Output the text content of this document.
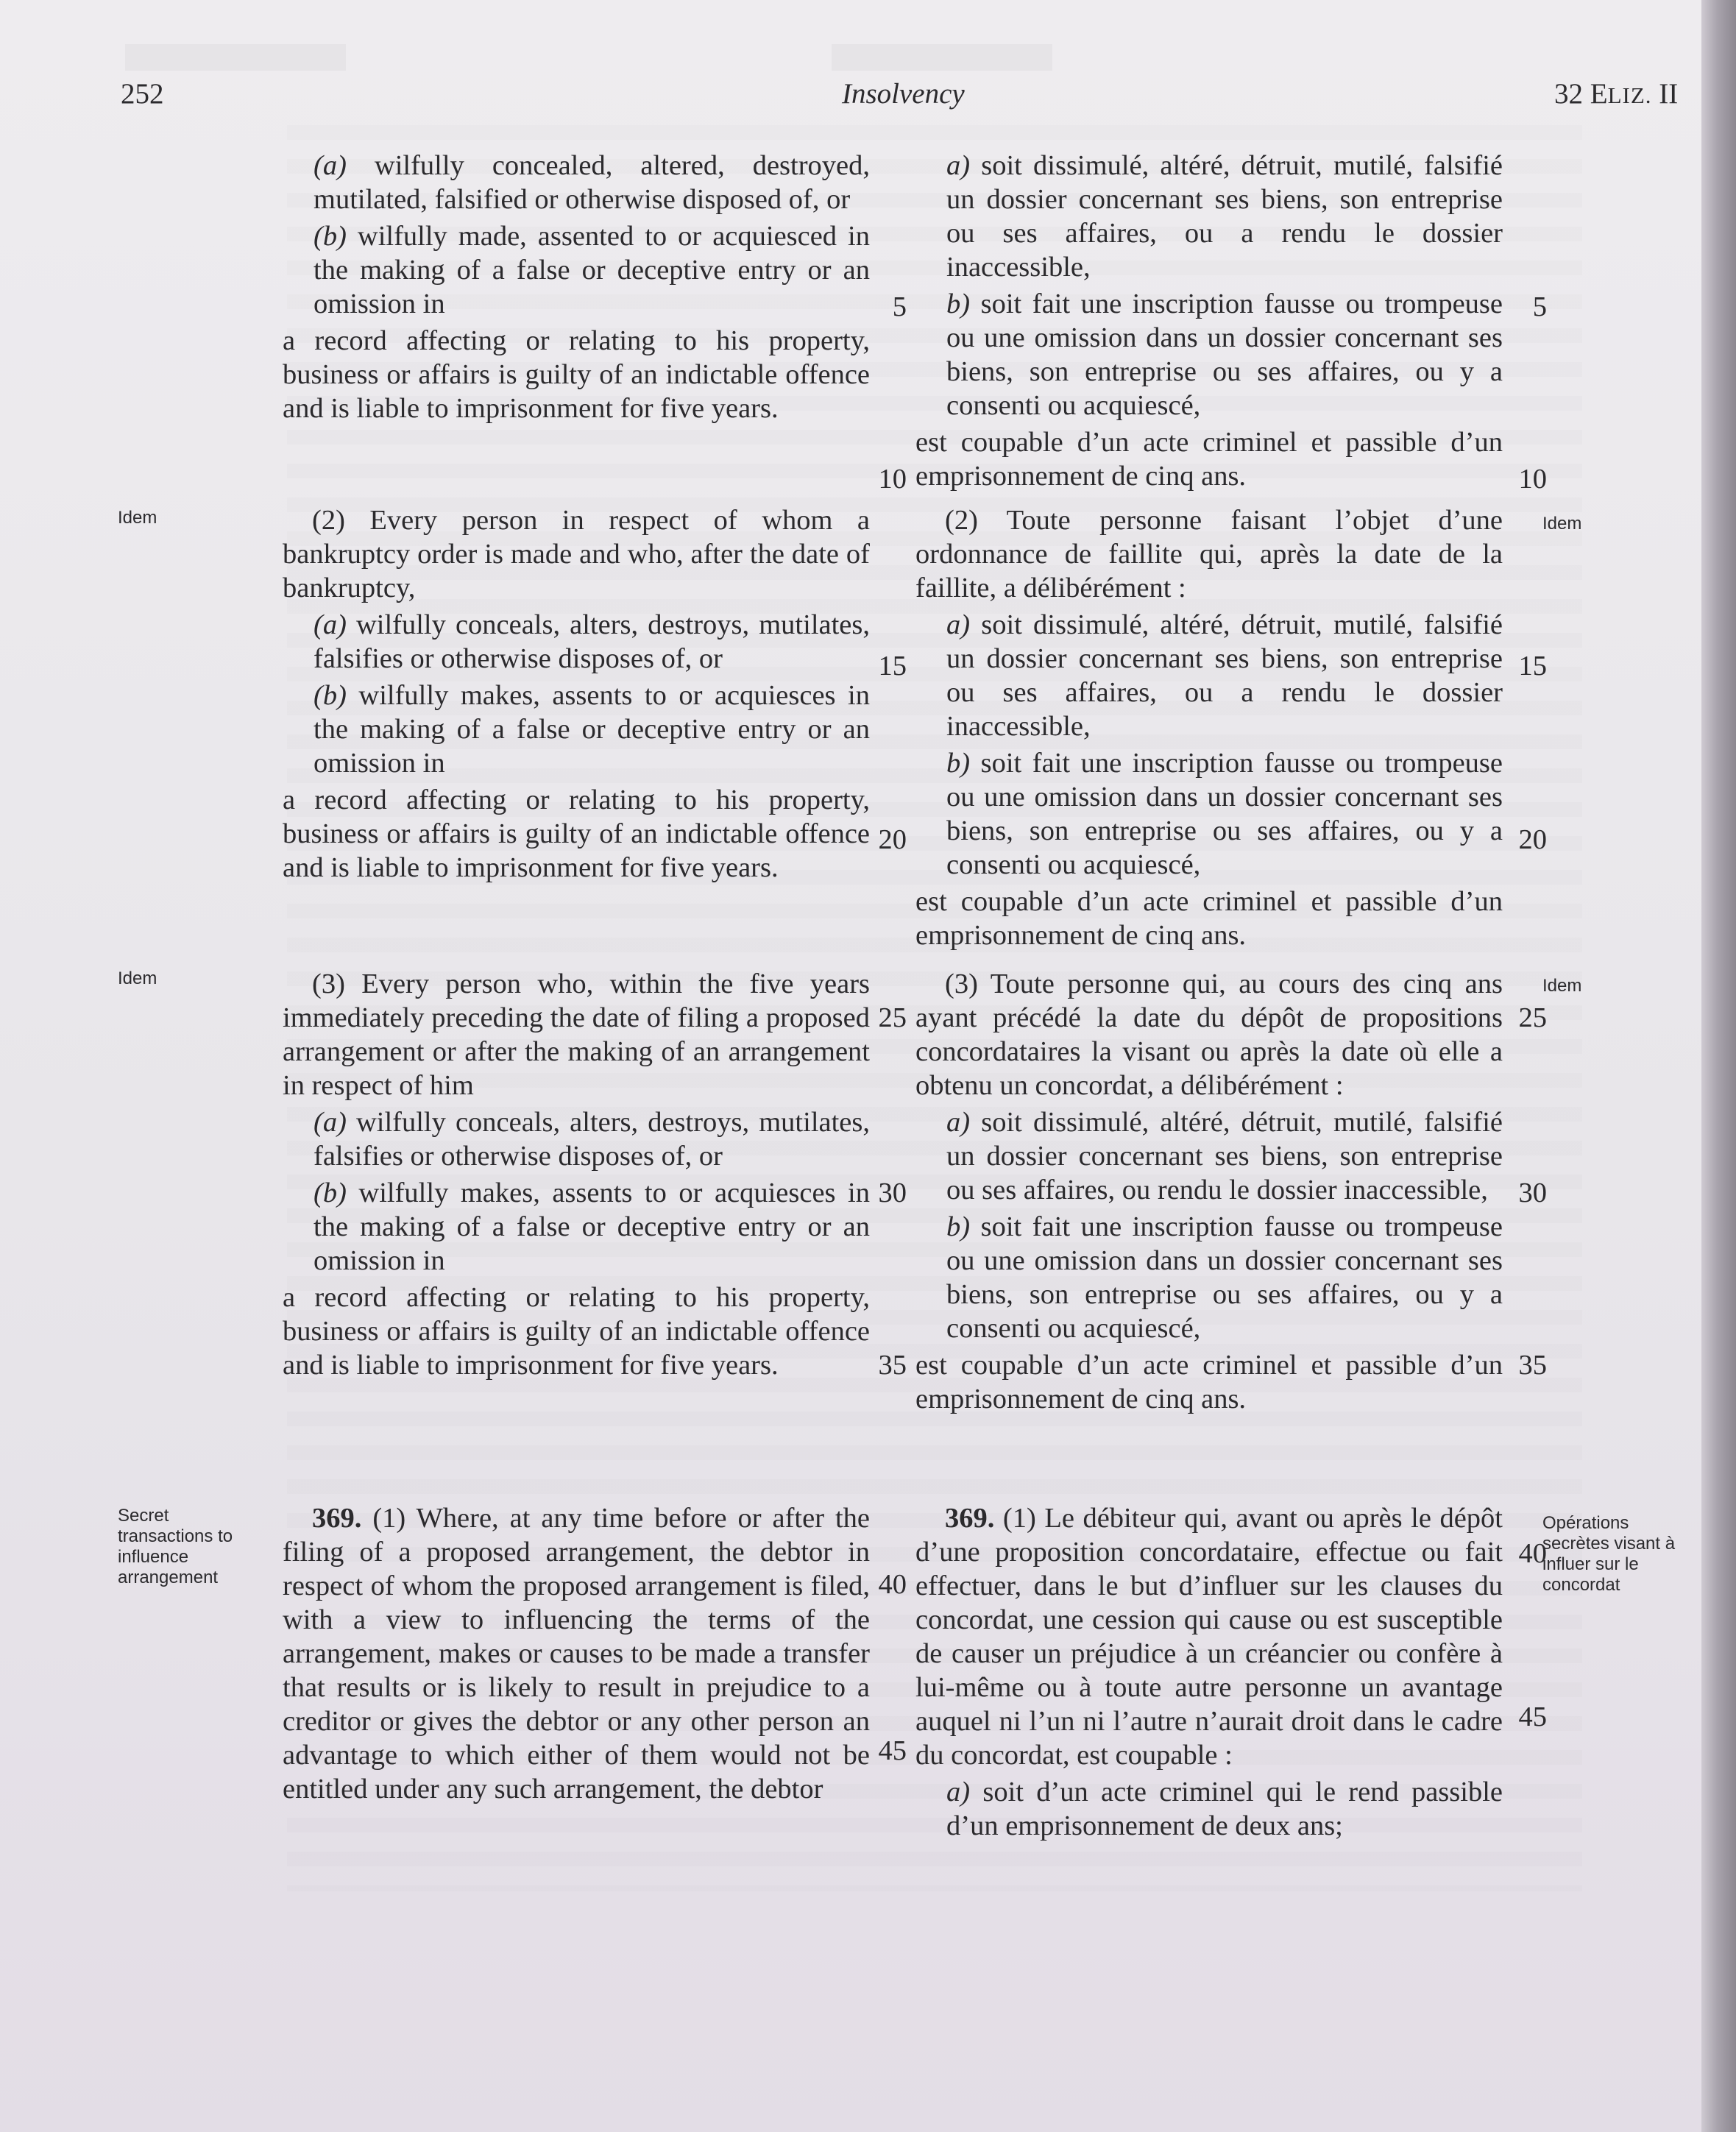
252	Insolvency	32 ELIZ. II
Idem
Idem
Secret
transactions to
influence
arrangement
Idem
Idem
Opérations
secrètes visant à
influer sur le
concordat

(a) wilfully concealed, altered, destroyed, mutilated, falsified or otherwise disposed of, or

(b) wilfully made, assented to or acquiesced in the making of a false or deceptive entry or an omission in

a record affecting or relating to his property, business or affairs is guilty of an indictable offence and is liable to imprisonment for five years.

(2) Every person in respect of whom a bankruptcy order is made and who, after the date of bankruptcy,

(a) wilfully conceals, alters, destroys, mutilates, falsifies or otherwise disposes of, or

(b) wilfully makes, assents to or acquiesces in the making of a false or deceptive entry or an omission in

a record affecting or relating to his property, business or affairs is guilty of an indictable offence and is liable to imprisonment for five years.

(3) Every person who, within the five years immediately preceding the date of filing a proposed arrangement or after the making of an arrangement in respect of him

(a) wilfully conceals, alters, destroys, mutilates, falsifies or otherwise disposes of, or

(b) wilfully makes, assents to or acquiesces in the making of a false or deceptive entry or an omission in

a record affecting or relating to his property, business or affairs is guilty of an indictable offence and is liable to imprisonment for five years.

369. (1) Where, at any time before or after the filing of a proposed arrangement, the debtor in respect of whom the proposed arrangement is filed, with a view to influencing the terms of the arrangement, makes or causes to be made a transfer that results or is likely to result in prejudice to a creditor or gives the debtor or any other person an advantage to which either of them would not be entitled under any such arrangement, the debtor

a) soit dissimulé, altéré, détruit, mutilé, falsifié un dossier concernant ses biens, son entreprise ou ses affaires, ou a rendu le dossier inaccessible,

b) soit fait une inscription fausse ou trompeuse ou une omission dans un dossier concernant ses biens, son entreprise ou ses affaires, ou y a consenti ou acquiescé,

est coupable d’un acte criminel et passible d’un emprisonnement de cinq ans.

(2) Toute personne faisant l’objet d’une ordonnance de faillite qui, après la date de la faillite, a délibérément :

a) soit dissimulé, altéré, détruit, mutilé, falsifié un dossier concernant ses biens, son entreprise ou ses affaires, ou a rendu le dossier inaccessible,

b) soit fait une inscription fausse ou trompeuse ou une omission dans un dossier concernant ses biens, son entreprise ou ses affaires, ou y a consenti ou acquiescé,

est coupable d’un acte criminel et passible d’un emprisonnement de cinq ans.

(3) Toute personne qui, au cours des cinq ans ayant précédé la date du dépôt de propositions concordataires la visant ou après la date où elle a obtenu un concordat, a délibérément :

a) soit dissimulé, altéré, détruit, mutilé, falsifié un dossier concernant ses biens, son entreprise ou ses affaires, ou rendu le dossier inaccessible,

b) soit fait une inscription fausse ou trompeuse ou une omission dans un dossier concernant ses biens, son entreprise ou ses affaires, ou y a consenti ou acquiescé,

est coupable d’un acte criminel et passible d’un emprisonnement de cinq ans.

369. (1) Le débiteur qui, avant ou après le dépôt d’une proposition concordataire, effectue ou fait effectuer, dans le but d’influer sur les clauses du concordat, une cession qui cause ou est susceptible de causer un préjudice à un créancier ou confère à lui-même ou à toute autre personne un avantage auquel ni l’un ni l’autre n’aurait droit dans le cadre du concordat, est coupable :

a) soit d’un acte criminel qui le rend passible d’un emprisonnement de deux ans;

5
10
15
20
25
30
35
40
45
5
10
15
20
25
30
35
40
45
